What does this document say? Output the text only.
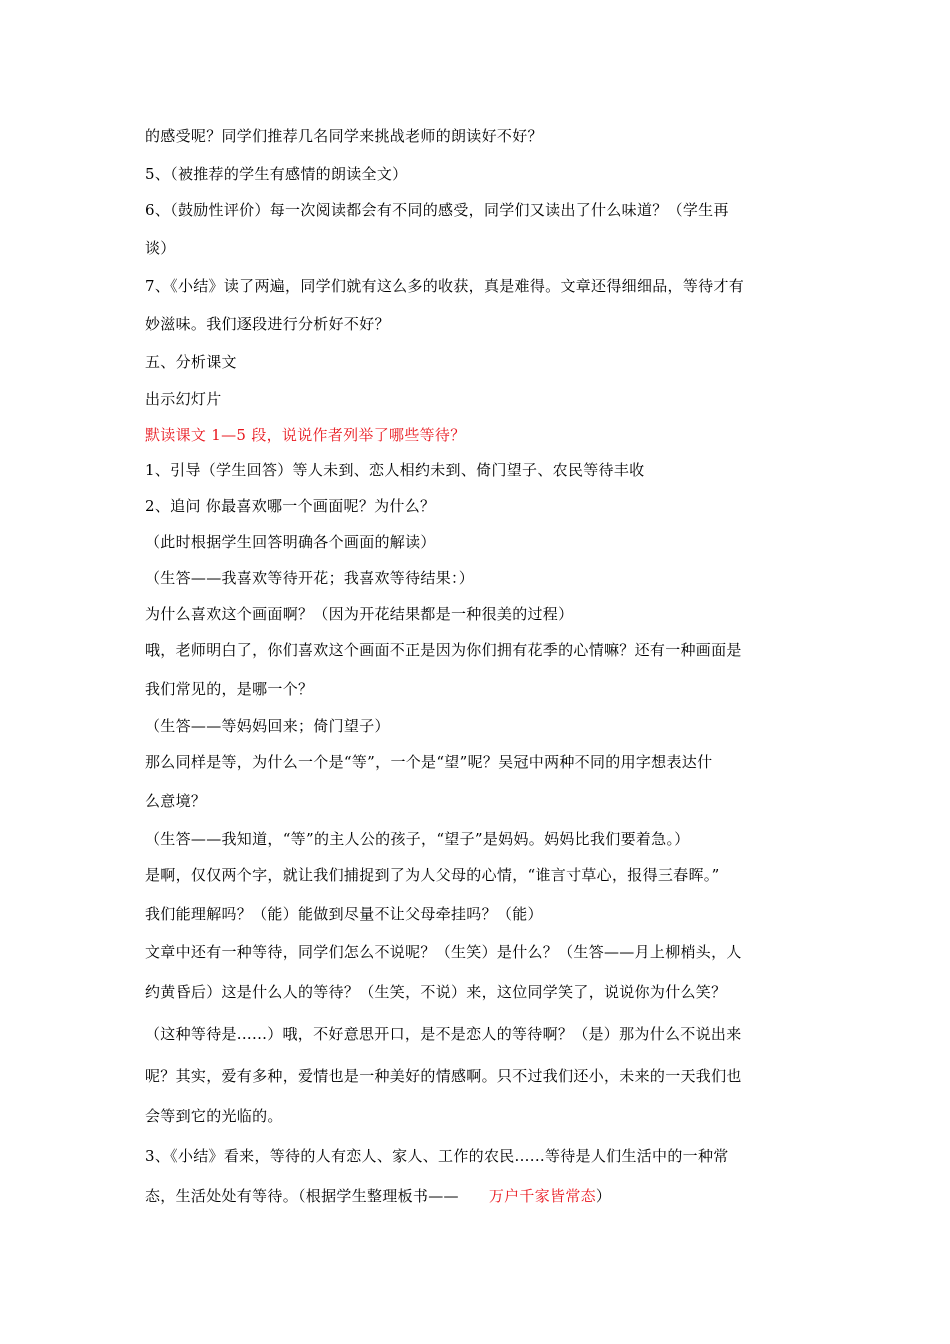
的感受呢？同学们推荐几名同学来挑战老师的朗读好不好？
5、（被推荐的学生有感情的朗读全文）
6、（鼓励性评价）每一次阅读都会有不同的感受，同学们又读出了什么味道？（学生再
谈）
7、《小结》读了两遍，同学们就有这么多的收获，真是难得。文章还得细细品，等待才有
妙滋味。我们逐段进行分析好不好？
五、分析课文
出示幻灯片
默读课文 1—5 段，说说作者列举了哪些等待？
1、引导（学生回答）等人未到、恋人相约未到、倚门望子、农民等待丰收
2、追问 你最喜欢哪一个画面呢？为什么？
（此时根据学生回答明确各个画面的解读）
（生答——我喜欢等待开花；我喜欢等待结果：）
为什么喜欢这个画面啊？（因为开花结果都是一种很美的过程）
哦，老师明白了，你们喜欢这个画面不正是因为你们拥有花季的心情嘛？还有一种画面是
我们常见的，是哪一个？
（生答——等妈妈回来；倚门望子）
那么同样是等，为什么一个是“等”，一个是“望”呢？吴冠中两种不同的用字想表达什
么意境？
（生答——我知道，“等”的主人公的孩子，“望子”是妈妈。妈妈比我们要着急。）
是啊，仅仅两个字，就让我们捕捉到了为人父母的心情，“谁言寸草心，报得三春晖。”
我们能理解吗？（能）能做到尽量不让父母牵挂吗？（能）
文章中还有一种等待，同学们怎么不说呢？（生笑）是什么？（生答——月上柳梢头，人
约黄昏后）这是什么人的等待？（生笑，不说）来，这位同学笑了，说说你为什么笑？
（这种等待是......）哦，不好意思开口，是不是恋人的等待啊？（是）那为什么不说出来
呢？其实，爱有多种，爱情也是一种美好的情感啊。只不过我们还小，未来的一天我们也
会等到它的光临的。
3、《小结》看来，等待的人有恋人、家人、工作的农民......等待是人们生活中的一种常
态，生活处处有等待。（根据学生整理板书—— 万户千家皆常态）
